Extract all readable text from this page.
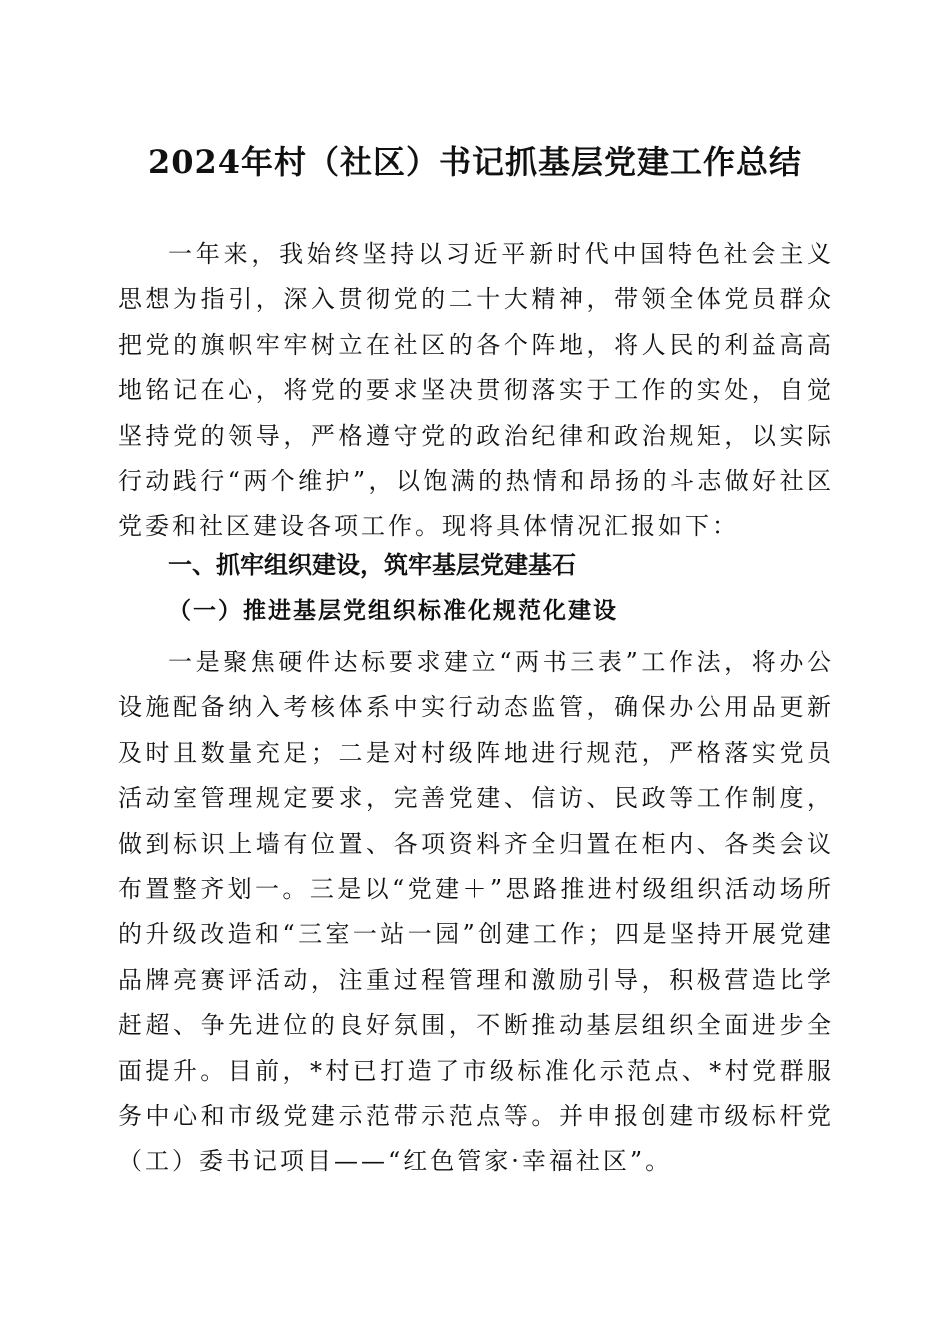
2024年村（社区）书记抓基层党建工作总结
一年来，我始终坚持以习近平新时代中国特色社会主义思想为指引，深入贯彻党的二十大精神，带领全体党员群众把党的旗帜牢牢树立在社区的各个阵地，将人民的利益高高地铭记在心，将党的要求坚决贯彻落实于工作的实处，自觉坚持党的领导，严格遵守党的政治纪律和政治规矩，以实际行动践行“两个维护”，以饱满的热情和昂扬的斗志做好社区党委和社区建设各项工作。现将具体情况汇报如下：
一、抓牢组织建设，筑牢基层党建基石
（一）推进基层党组织标准化规范化建设
一是聚焦硬件达标要求建立“两书三表”工作法，将办公设施配备纳入考核体系中实行动态监管，确保办公用品更新及时且数量充足；二是对村级阵地进行规范，严格落实党员活动室管理规定要求，完善党建、信访、民政等工作制度，做到标识上墙有位置、各项资料齐全归置在柜内、各类会议布置整齐划一。三是以“党建＋”思路推进村级组织活动场所的升级改造和“三室一站一园”创建工作；四是坚持开展党建品牌亮赛评活动，注重过程管理和激励引导，积极营造比学赶超、争先进位的良好氛围，不断推动基层组织全面进步全面提升。目前，*村已打造了市级标准化示范点、*村党群服务中心和市级党建示范带示范点等。并申报创建市级标杆党（工）委书记项目——“红色管家·幸福社区”。
